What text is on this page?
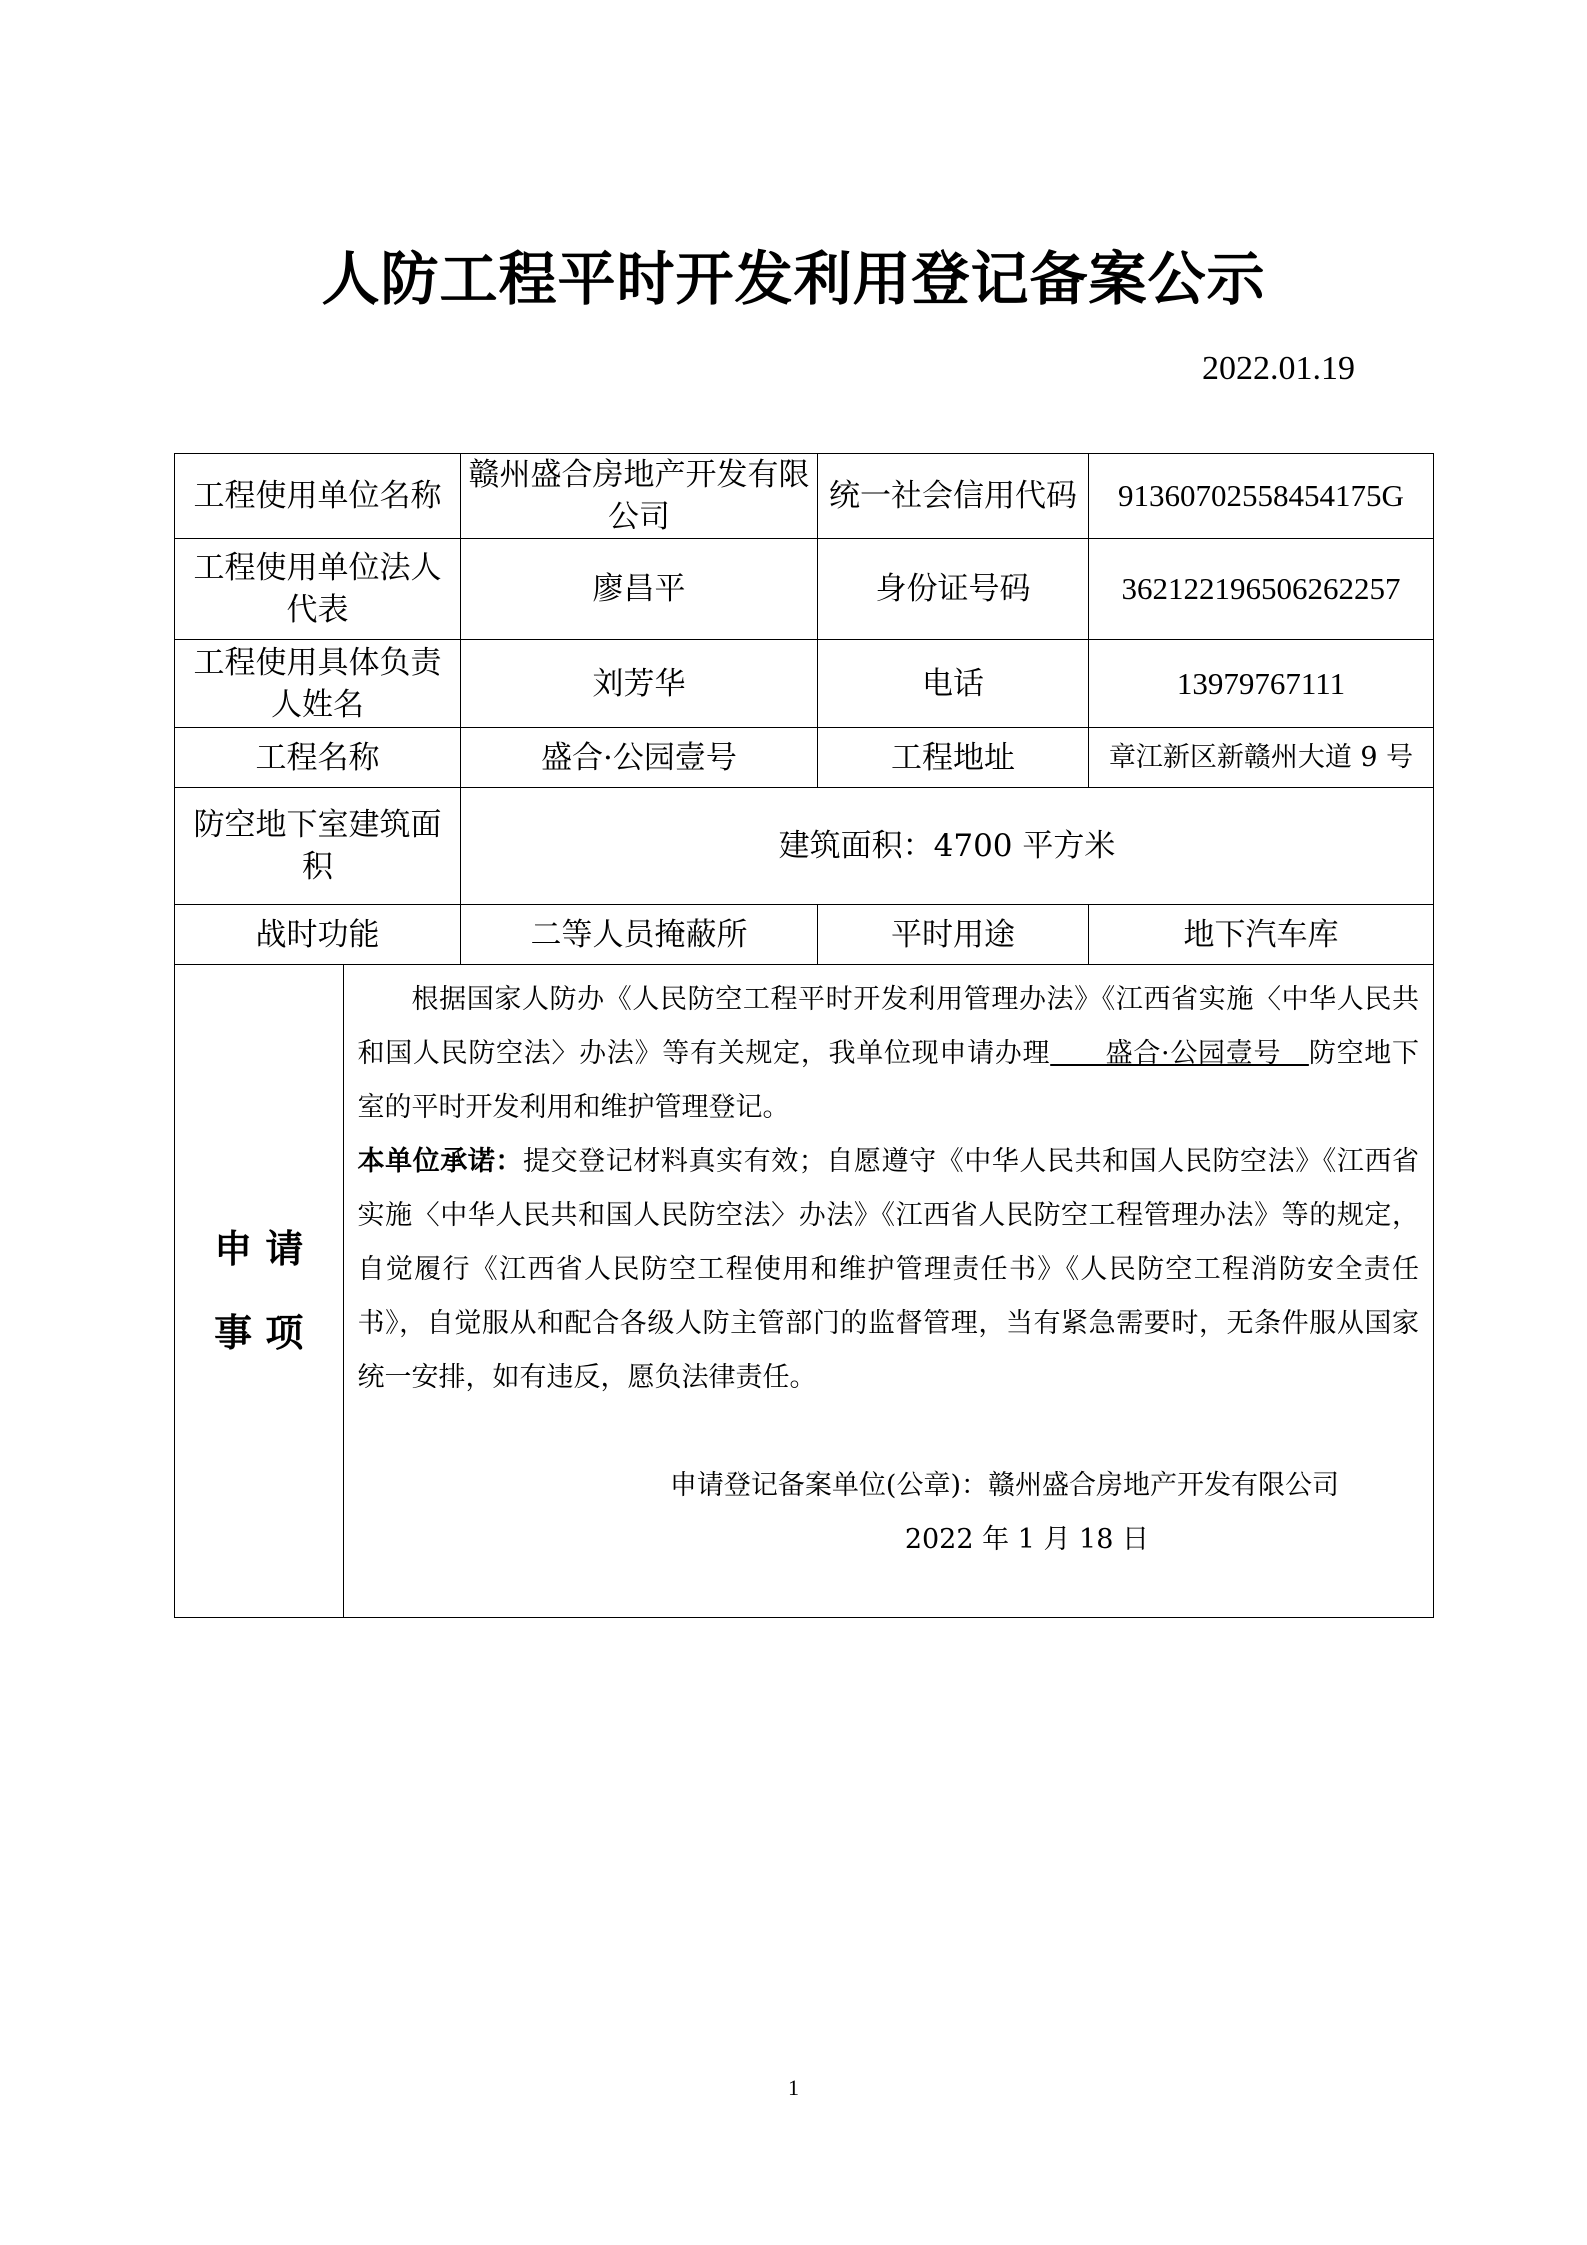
人防工程平时开发利用登记备案公示
2022.01.19
工程使用单位名称	赣州盛合房地产开发有限公司	统一社会信用代码	91360702558454175G
工程使用单位法人代表	廖昌平	身份证号码	362122196506262257
工程使用具体负责人姓名	刘芳华	电话	13979767111
工程名称	盛合·公园壹号	工程地址	章江新区新赣州大道 9 号
防空地下室建筑面积	建筑面积：4700 平方米
战时功能	二等人员掩蔽所	平时用途	地下汽车库

申 请
事 项

根据国家人防办《人民防空工程平时开发利用管理办法》《江西省实施〈中华人民共和国人民防空法〉办法》等有关规定，我单位现申请办理　　盛合·公园壹号　防空地下室的平时开发利用和维护管理登记。

本单位承诺：提交登记材料真实有效；自愿遵守《中华人民共和国人民防空法》《江西省实施〈中华人民共和国人民防空法〉办法》《江西省人民防空工程管理办法》等的规定，自觉履行《江西省人民防空工程使用和维护管理责任书》《人民防空工程消防安全责任书》，自觉服从和配合各级人防主管部门的监督管理，当有紧急需要时，无条件服从国家统一安排，如有违反，愿负法律责任。

申请登记备案单位(公章)：赣州盛合房地产开发有限公司
2022 年 1 月 18 日
1
